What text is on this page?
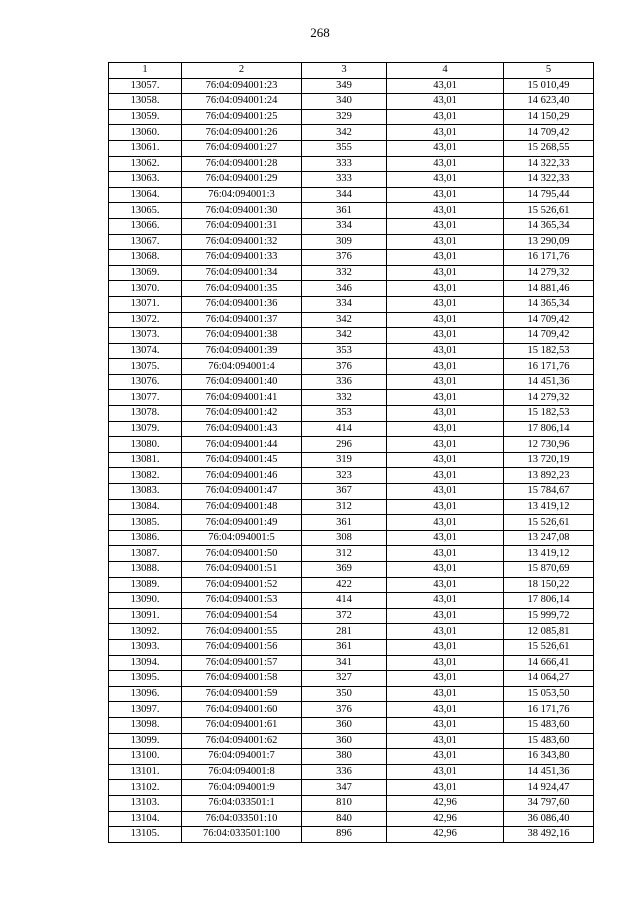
268
1	2	3	4	5
13057.	76:04:094001:23	349	43,01	15 010,49
13058.	76:04:094001:24	340	43,01	14 623,40
13059.	76:04:094001:25	329	43,01	14 150,29
13060.	76:04:094001:26	342	43,01	14 709,42
13061.	76:04:094001:27	355	43,01	15 268,55
13062.	76:04:094001:28	333	43,01	14 322,33
13063.	76:04:094001:29	333	43,01	14 322,33
13064.	76:04:094001:3	344	43,01	14 795,44
13065.	76:04:094001:30	361	43,01	15 526,61
13066.	76:04:094001:31	334	43,01	14 365,34
13067.	76:04:094001:32	309	43,01	13 290,09
13068.	76:04:094001:33	376	43,01	16 171,76
13069.	76:04:094001:34	332	43,01	14 279,32
13070.	76:04:094001:35	346	43,01	14 881,46
13071.	76:04:094001:36	334	43,01	14 365,34
13072.	76:04:094001:37	342	43,01	14 709,42
13073.	76:04:094001:38	342	43,01	14 709,42
13074.	76:04:094001:39	353	43,01	15 182,53
13075.	76:04:094001:4	376	43,01	16 171,76
13076.	76:04:094001:40	336	43,01	14 451,36
13077.	76:04:094001:41	332	43,01	14 279,32
13078.	76:04:094001:42	353	43,01	15 182,53
13079.	76:04:094001:43	414	43,01	17 806,14
13080.	76:04:094001:44	296	43,01	12 730,96
13081.	76:04:094001:45	319	43,01	13 720,19
13082.	76:04:094001:46	323	43,01	13 892,23
13083.	76:04:094001:47	367	43,01	15 784,67
13084.	76:04:094001:48	312	43,01	13 419,12
13085.	76:04:094001:49	361	43,01	15 526,61
13086.	76:04:094001:5	308	43,01	13 247,08
13087.	76:04:094001:50	312	43,01	13 419,12
13088.	76:04:094001:51	369	43,01	15 870,69
13089.	76:04:094001:52	422	43,01	18 150,22
13090.	76:04:094001:53	414	43,01	17 806,14
13091.	76:04:094001:54	372	43,01	15 999,72
13092.	76:04:094001:55	281	43,01	12 085,81
13093.	76:04:094001:56	361	43,01	15 526,61
13094.	76:04:094001:57	341	43,01	14 666,41
13095.	76:04:094001:58	327	43,01	14 064,27
13096.	76:04:094001:59	350	43,01	15 053,50
13097.	76:04:094001:60	376	43,01	16 171,76
13098.	76:04:094001:61	360	43,01	15 483,60
13099.	76:04:094001:62	360	43,01	15 483,60
13100.	76:04:094001:7	380	43,01	16 343,80
13101.	76:04:094001:8	336	43,01	14 451,36
13102.	76:04:094001:9	347	43,01	14 924,47
13103.	76:04:033501:1	810	42,96	34 797,60
13104.	76:04:033501:10	840	42,96	36 086,40
13105.	76:04:033501:100	896	42,96	38 492,16
